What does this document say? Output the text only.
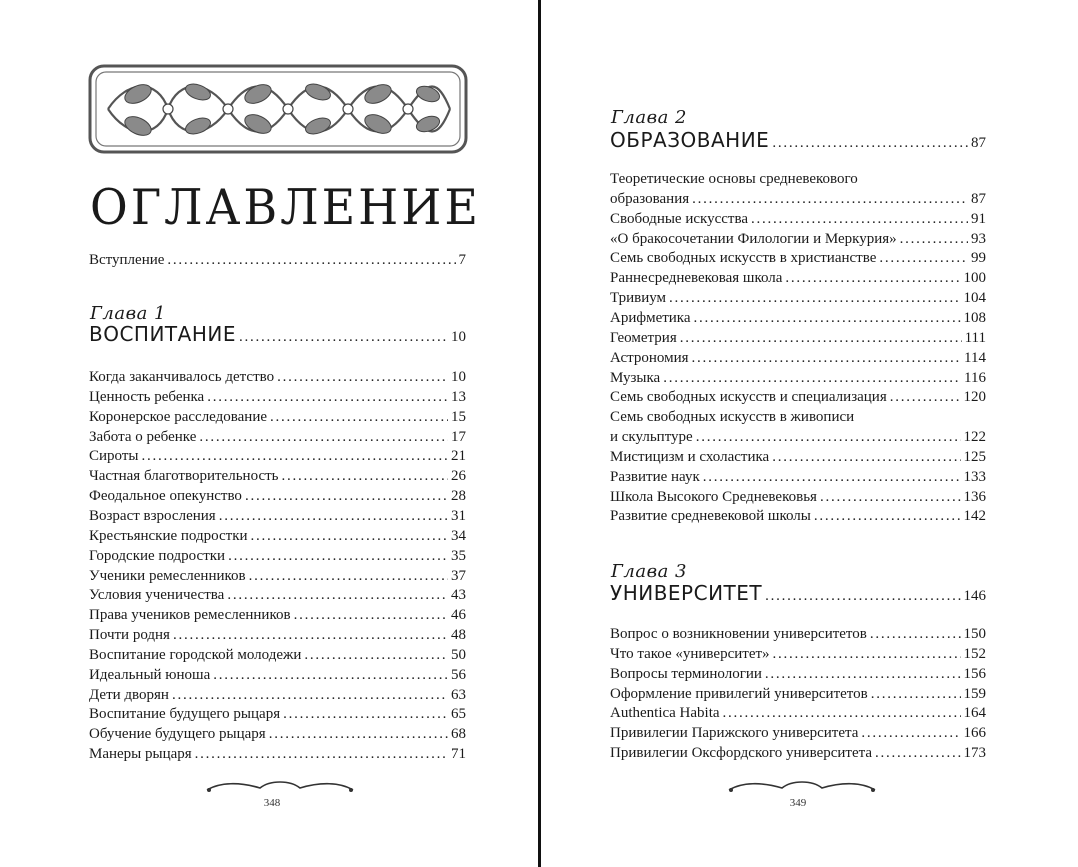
ОГЛАВЛЕНИЕ
Вступление . . .	7
Глава 1
ВОСПИТАНИЕ . . .	10
Когда заканчивалось детство . . .	10
Ценность ребенка . . .	13
Коронерское расследование . . .	15
Забота о ребенке . . .	17
Сироты . . .	21
Частная благотворительность . . .	26
Феодальное опекунство . . .	28
Возраст взросления . . .	31
Крестьянские подростки . . .	34
Городские подростки . . .	35
Ученики ремесленников . . .	37
Условия ученичества . . .	43
Права учеников ремесленников . . .	46
Почти родня . . .	48
Воспитание городской молодежи . . .	50
Идеальный юноша . . .	56
Дети дворян . . .	63
Воспитание будущего рыцаря . . .	65
Обучение будущего рыцаря . . .	68
Манеры рыцаря . . .	71
348
Глава 2
ОБРАЗОВАНИЕ . . .	87
Теоретические основы средневекового
образования . . .	87
Свободные искусства . . .	91
«О бракосочетании Филологии и Меркурия» . . .	93
Семь свободных искусств в христианстве . . .	99
Раннесредневековая школа . . .	100
Тривиум . . .	104
Арифметика . . .	108
Геометрия . . .	111
Астрономия . . .	114
Музыка . . .	116
Семь свободных искусств и специализация . . .	120
Семь свободных искусств в живописи
и скульптуре . . .	122
Мистицизм и схоластика . . .	125
Развитие наук . . .	133
Школа Высокого Средневековья . . .	136
Развитие средневековой школы . . .	142
Глава 3
УНИВЕРСИТЕТ . . .	146
Вопрос о возникновении университетов . . .	150
Что такое «университет» . . .	152
Вопросы терминологии . . .	156
Оформление привилегий университетов . . .	159
Authentica Habita . . .	164
Привилегии Парижского университета . . .	166
Привилегии Оксфордского университета . . .	173
349
